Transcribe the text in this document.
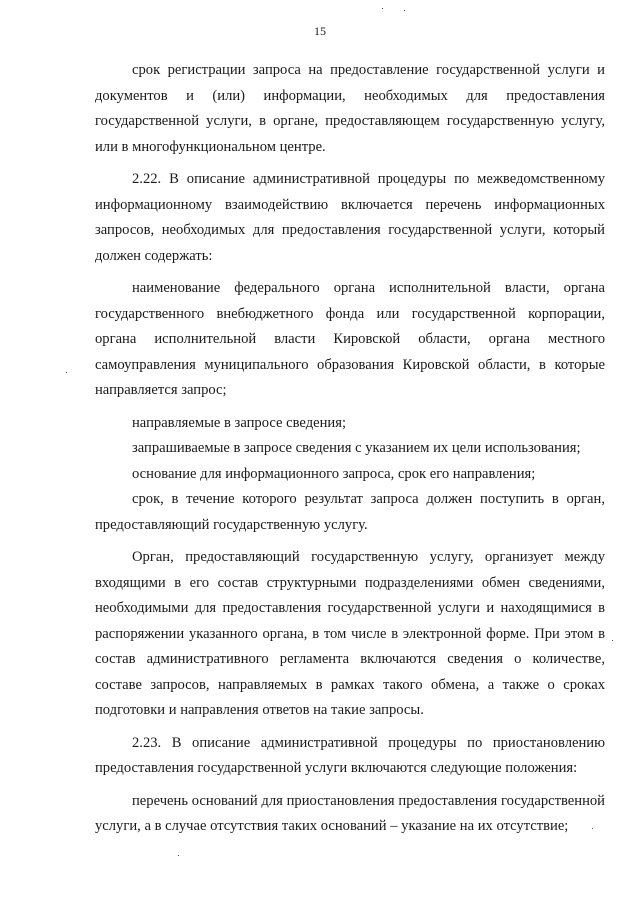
15

срок регистрации запроса на предоставление государственной услуги и документов и (или) информации, необходимых для предоставления государственной услуги, в органе, предоставляющем государственную услугу, или в многофункциональном центре.

2.22. В описание административной процедуры по межведомственному информационному взаимодействию включается перечень информационных запросов, необходимых для предоставления государственной услуги, который должен содержать:

наименование федерального органа исполнительной власти, органа государственного внебюджетного фонда или государственной корпорации, органа исполнительной власти Кировской области, органа местного самоуправления муниципального образования Кировской области, в которые направляется запрос;

направляемые в запросе сведения;

запрашиваемые в запросе сведения с указанием их цели использования;

основание для информационного запроса, срок его направления;

срок, в течение которого результат запроса должен поступить в орган, предоставляющий государственную услугу.

Орган, предоставляющий государственную услугу, организует между входящими в его состав структурными подразделениями обмен сведениями, необходимыми для предоставления государственной услуги и находящимися в распоряжении указанного органа, в том числе в электронной форме. При этом в состав административного регламента включаются сведения о количестве, составе запросов, направляемых в рамках такого обмена, а также о сроках подготовки и направления ответов на такие запросы.

2.23. В описание административной процедуры по приостановлению предоставления государственной услуги включаются следующие положения:

перечень оснований для приостановления предоставления государственной услуги, а в случае отсутствия таких оснований – указание на их отсутствие;
